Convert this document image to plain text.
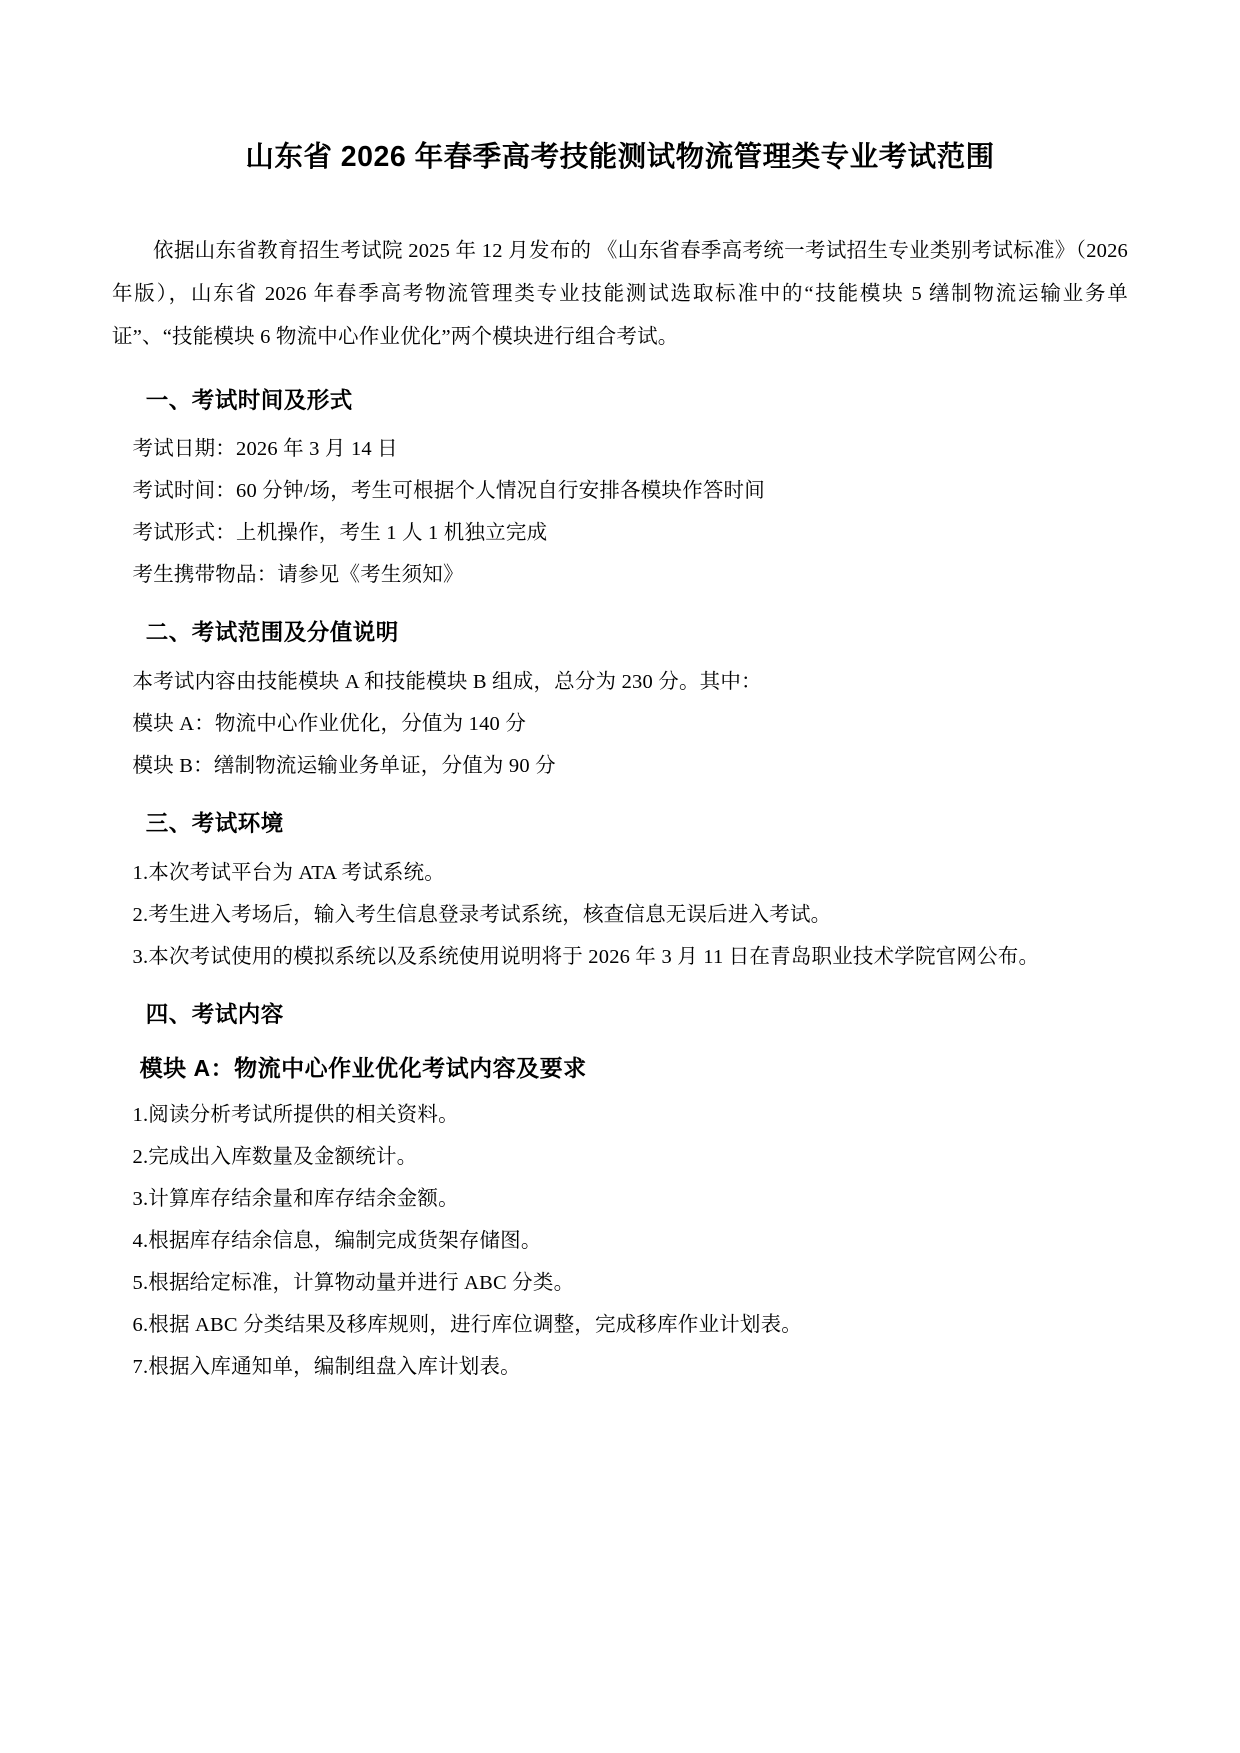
山东省 2026 年春季高考技能测试物流管理类专业考试范围

依据山东省教育招生考试院 2025 年 12 月发布的 《山东省春季高考统一考试招生专业类别考试标准》（2026 年版），山东省 2026 年春季高考物流管理类专业技能测试选取标准中的“技能模块 5 缮制物流运输业务单证”、“技能模块 6 物流中心作业优化”两个模块进行组合考试。

一、考试时间及形式

考试日期：2026 年 3 月 14 日

考试时间：60 分钟/场，考生可根据个人情况自行安排各模块作答时间

考试形式：上机操作，考生 1 人 1 机独立完成

考生携带物品：请参见《考生须知》

二、考试范围及分值说明

本考试内容由技能模块 A 和技能模块 B 组成，总分为 230 分。其中：

模块 A：物流中心作业优化，分值为 140 分

模块 B：缮制物流运输业务单证，分值为 90 分

三、考试环境

1.本次考试平台为 ATA 考试系统。

2.考生进入考场后，输入考生信息登录考试系统，核查信息无误后进入考试。

3.本次考试使用的模拟系统以及系统使用说明将于 2026 年 3 月 11 日在青岛职业技术学院官网公布。

四、考试内容
模块 A：物流中心作业优化考试内容及要求

1.阅读分析考试所提供的相关资料。

2.完成出入库数量及金额统计。

3.计算库存结余量和库存结余金额。

4.根据库存结余信息，编制完成货架存储图。

5.根据给定标准，计算物动量并进行 ABC 分类。

6.根据 ABC 分类结果及移库规则，进行库位调整，完成移库作业计划表。

7.根据入库通知单，编制组盘入库计划表。
